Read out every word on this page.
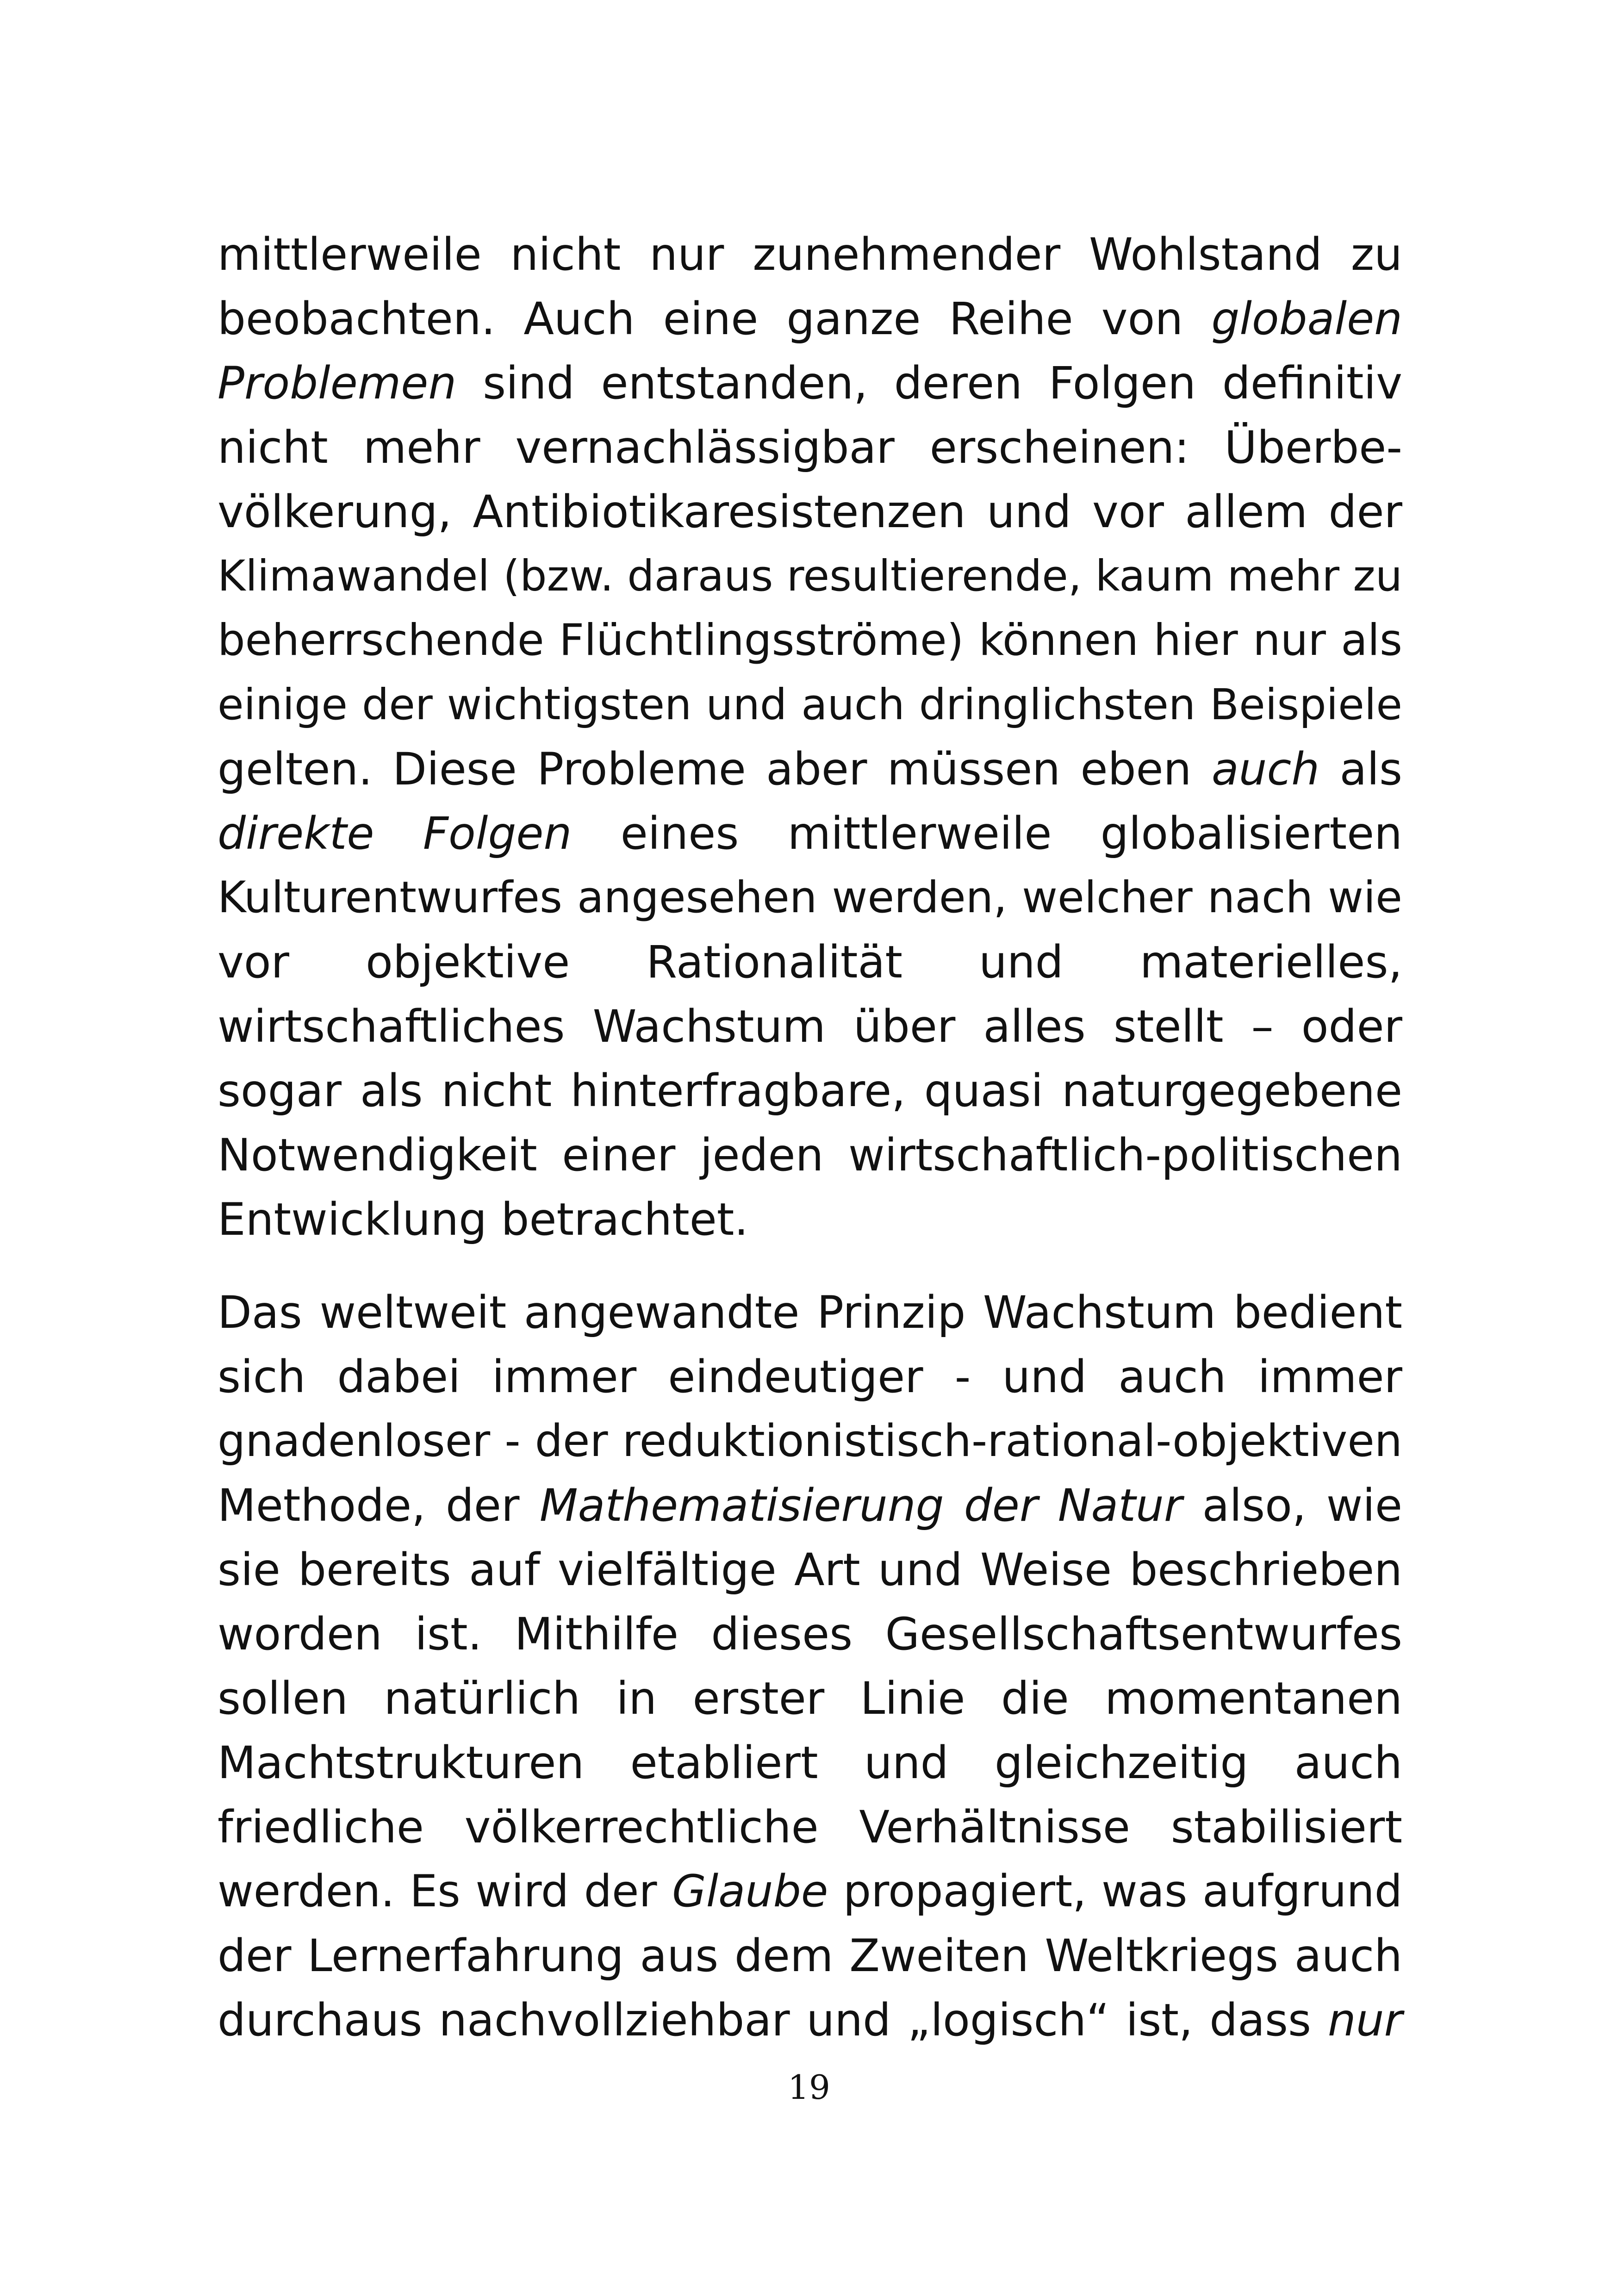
mittlerweile nicht nur zunehmender Wohlstand zu
beobachten. Auch eine ganze Reihe von globalen
Problemen sind entstanden, deren Folgen definitiv
nicht mehr vernachlässigbar erscheinen: Überbe-
völkerung, Antibiotikaresistenzen und vor allem der
Klimawandel (bzw. daraus resultierende, kaum mehr zu
beherrschende Flüchtlingsströme) können hier nur als
einige der wichtigsten und auch dringlichsten Beispiele
gelten. Diese Probleme aber müssen eben auch als
direkte Folgen eines mittlerweile globalisierten
Kulturentwurfes angesehen werden, welcher nach wie
vor objektive Rationalität und materielles,
wirtschaftliches Wachstum über alles stellt – oder
sogar als nicht hinterfragbare, quasi naturgegebene
Notwendigkeit einer jeden wirtschaftlich-politischen
Entwicklung betrachtet.
Das weltweit angewandte Prinzip Wachstum bedient
sich dabei immer eindeutiger - und auch immer
gnadenloser - der reduktionistisch-rational-objektiven
Methode, der Mathematisierung der Natur also, wie
sie bereits auf vielfältige Art und Weise beschrieben
worden ist. Mithilfe dieses Gesellschaftsentwurfes
sollen natürlich in erster Linie die momentanen
Machtstrukturen etabliert und gleichzeitig auch
friedliche völkerrechtliche Verhältnisse stabilisiert
werden. Es wird der Glaube propagiert, was aufgrund
der Lernerfahrung aus dem Zweiten Weltkriegs auch
durchaus nachvollziehbar und „logisch“ ist, dass nur
19
